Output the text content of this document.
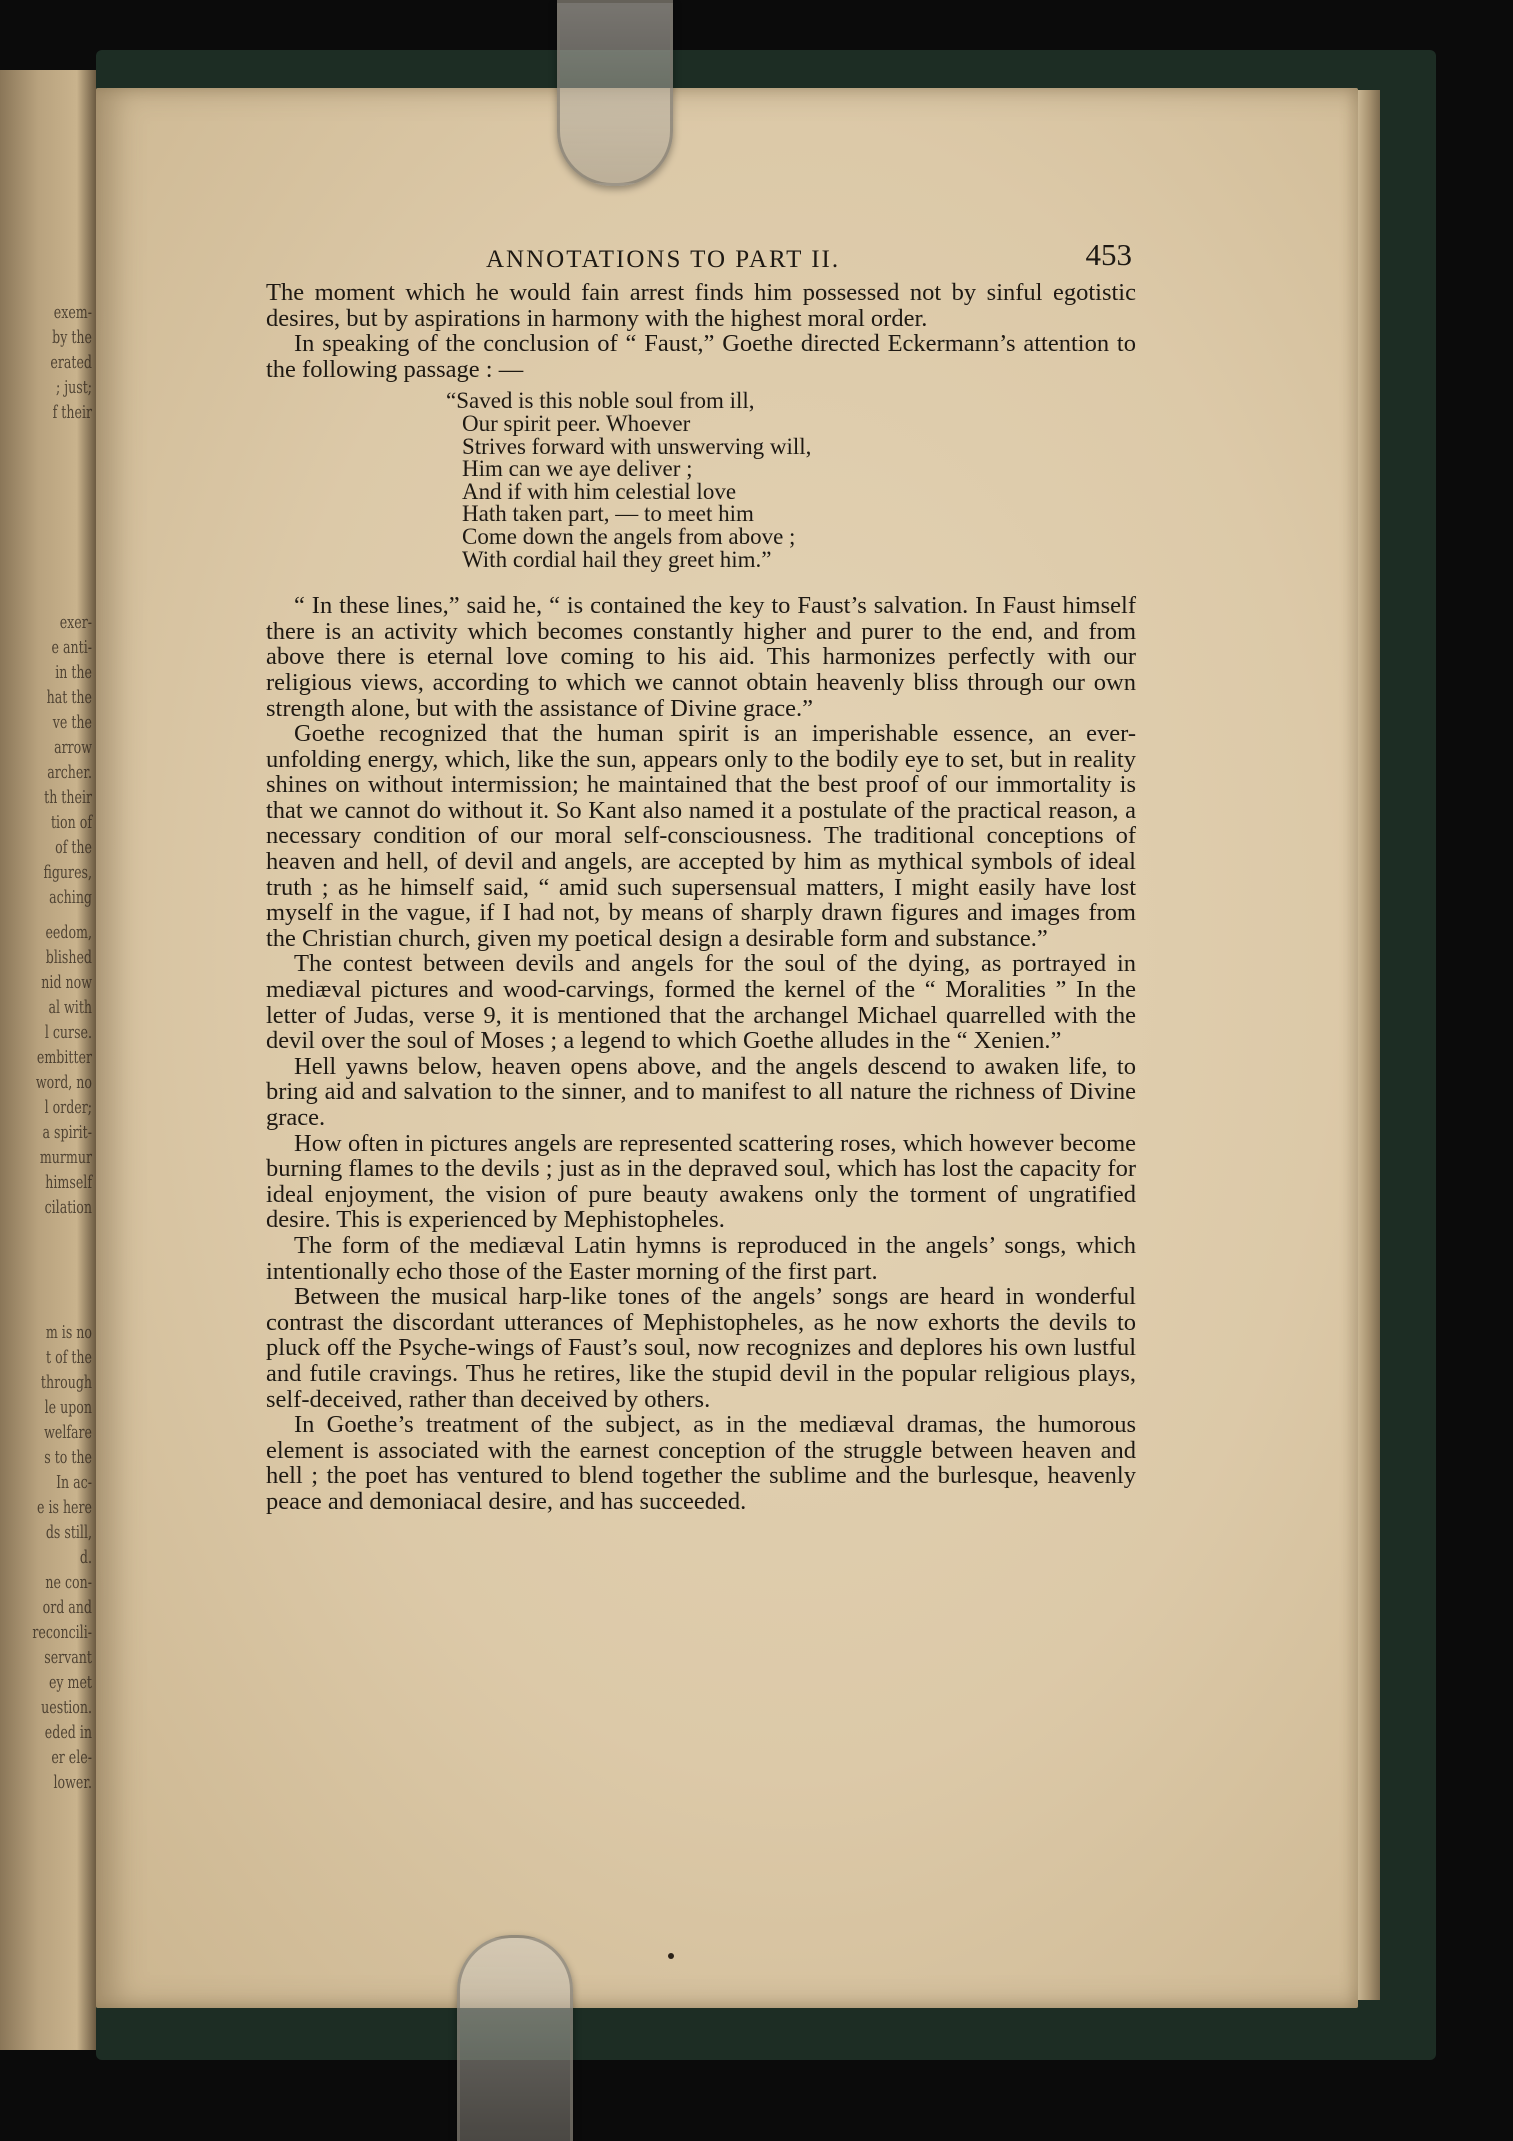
exem-
by the
erated
; just;
f their
exer-
e anti-
in the
hat the
ve the
arrow
archer.
th their
tion of
of the
figures,
aching
eedom,
blished
nid now
al with
l curse.
embitter
word, no
l order;
a spirit-
murmur
himself
cilation
m is no
t of the
through
le upon
welfare
s to the
In ac-
e is here
ds still,
d.
ne con-
ord and
reconcili-
servant
ey met
uestion.
eded in
er ele-
lower.
ANNOTATIONS TO PART II.	453

The moment which he would fain arrest finds him possessed not by sinful egotistic desires, but by aspirations in harmony with the highest moral order.

In speaking of the conclusion of “ Faust,” Goethe directed Eckermann’s attention to the following passage : —

“Saved is this noble soul from ill,
Our spirit peer. Whoever
Strives forward with unswerving will,
Him can we aye deliver ;
And if with him celestial love
Hath taken part, — to meet him
Come down the angels from above ;
With cordial hail they greet him.”

“ In these lines,” said he, “ is contained the key to Faust’s salvation. In Faust himself there is an activity which becomes constantly higher and purer to the end, and from above there is eternal love coming to his aid. This harmonizes perfectly with our religious views, according to which we cannot obtain heavenly bliss through our own strength alone, but with the assistance of Divine grace.”

Goethe recognized that the human spirit is an imperishable essence, an ever-unfolding energy, which, like the sun, appears only to the bodily eye to set, but in reality shines on without intermission; he maintained that the best proof of our immortality is that we cannot do without it. So Kant also named it a postulate of the practical reason, a necessary condition of our moral self-consciousness. The traditional conceptions of heaven and hell, of devil and angels, are accepted by him as mythical symbols of ideal truth ; as he himself said, “ amid such supersensual matters, I might easily have lost myself in the vague, if I had not, by means of sharply drawn figures and images from the Christian church, given my poetical design a desirable form and substance.”

The contest between devils and angels for the soul of the dying, as portrayed in mediæval pictures and wood-carvings, formed the kernel of the “ Moralities ” In the letter of Judas, verse 9, it is mentioned that the archangel Michael quarrelled with the devil over the soul of Moses ; a legend to which Goethe alludes in the “ Xenien.”

Hell yawns below, heaven opens above, and the angels descend to awaken life, to bring aid and salvation to the sinner, and to manifest to all nature the richness of Divine grace.

How often in pictures angels are represented scattering roses, which however become burning flames to the devils ; just as in the depraved soul, which has lost the capacity for ideal enjoyment, the vision of pure beauty awakens only the torment of ungratified desire. This is experienced by Mephistopheles.

The form of the mediæval Latin hymns is reproduced in the angels’ songs, which intentionally echo those of the Easter morning of the first part.

Between the musical harp-like tones of the angels’ songs are heard in wonderful contrast the discordant utterances of Mephistopheles, as he now exhorts the devils to pluck off the Psyche-wings of Faust’s soul, now recognizes and deplores his own lustful and futile cravings. Thus he retires, like the stupid devil in the popular religious plays, self-deceived, rather than deceived by others.

In Goethe’s treatment of the subject, as in the mediæval dramas, the humorous element is associated with the earnest conception of the struggle between heaven and hell ; the poet has ventured to blend together the sublime and the burlesque, heavenly peace and demoniacal desire, and has succeeded.
